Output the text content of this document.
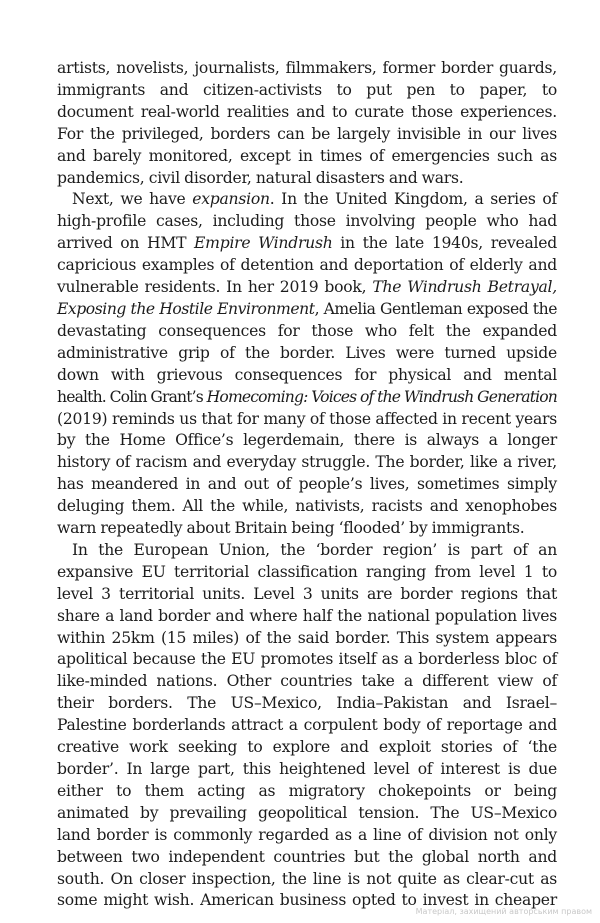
artists, novelists, journalists, filmmakers, former border guards,
immigrants and citizen-activists to put pen to paper, to
document real-world realities and to curate those experiences.
For the privileged, borders can be largely invisible in our lives
and barely monitored, except in times of emergencies such as
pandemics, civil disorder, natural disasters and wars.
Next, we have expansion. In the United Kingdom, a series of
high-profile cases, including those involving people who had
arrived on HMT Empire Windrush in the late 1940s, revealed
capricious examples of detention and deportation of elderly and
vulnerable residents. In her 2019 book, The Windrush Betrayal,
Exposing the Hostile Environment, Amelia Gentleman exposed the
devastating consequences for those who felt the expanded
administrative grip of the border. Lives were turned upside
down with grievous consequences for physical and mental
health. Colin Grant’s Homecoming: Voices of the Windrush Generation
(2019) reminds us that for many of those affected in recent years
by the Home Office’s legerdemain, there is always a longer
history of racism and everyday struggle. The border, like a river,
has meandered in and out of people’s lives, sometimes simply
deluging them. All the while, nativists, racists and xenophobes
warn repeatedly about Britain being ‘flooded’ by immigrants.
In the European Union, the ‘border region’ is part of an
expansive EU territorial classification ranging from level 1 to
level 3 territorial units. Level 3 units are border regions that
share a land border and where half the national population lives
within 25km (15 miles) of the said border. This system appears
apolitical because the EU promotes itself as a borderless bloc of
like-minded nations. Other countries take a different view of
their borders. The US–Mexico, India–Pakistan and Israel–
Palestine borderlands attract a corpulent body of reportage and
creative work seeking to explore and exploit stories of ‘the
border’. In large part, this heightened level of interest is due
either to them acting as migratory chokepoints or being
animated by prevailing geopolitical tension. The US–Mexico
land border is commonly regarded as a line of division not only
between two independent countries but the global north and
south. On closer inspection, the line is not quite as clear-cut as
some might wish. American business opted to invest in cheaper
Матеріал, захищений авторським правом
